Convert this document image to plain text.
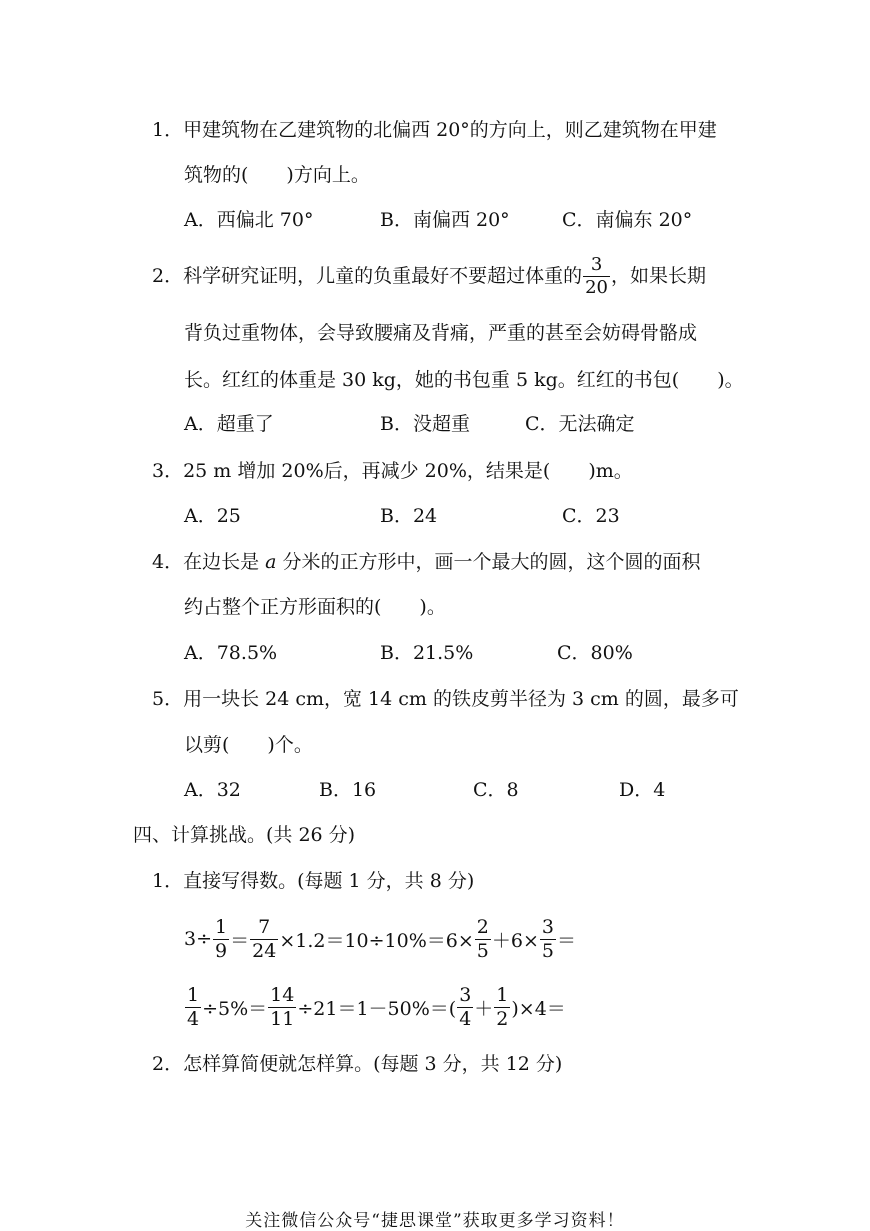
1．甲建筑物在乙建筑物的北偏西 20°的方向上，则乙建筑物在甲建
筑物的(　　)方向上。
A．西偏北 70°	B．南偏西 20°	C．南偏东 20°
2． 科学研究证明，儿童的负重最好不要超过体重的 $\frac{3}{20}$ ，如果长期
背负过重物体，会导致腰痛及背痛，严重的甚至会妨碍骨骼成
长。红红的体重是 30 kg，她的书包重 5 kg。红红的书包(　　)。
A．超重了	B．没超重	C．无法确定
3．25 m 增加 20%后，再减少 20%，结果是(　　)m。
A．25	B．24	C．23
4．在边长是 a 分米的正方形中，画一个最大的圆，这个圆的面积
约占整个正方形面积的(　　)。
A．78.5%	B．21.5%	C．80%
5．用一块长 24 cm，宽 14 cm 的铁皮剪半径为 3 cm 的圆，最多可
以剪(　　)个。
A．32	B．16	C．8	D．4
四、计算挑战。(共 26 分)
1．直接写得数。(每题 1 分，共 8 分)
$3\div \frac{1}{9} = \frac{7}{24} \times 1.2=10\div 10\%=6\times \frac{2}{5} +6\times \frac{3}{5}$ ＝
$\frac{1}{4} \div 5\%= \frac{14}{11} \div 21=1-50\%=( \frac{3}{4} + \frac{1}{2} )\times 4=$
2．怎样算简便就怎样算。(每题 3 分，共 12 分)
关注微信公众号“捷思课堂”获取更多学习资料！
